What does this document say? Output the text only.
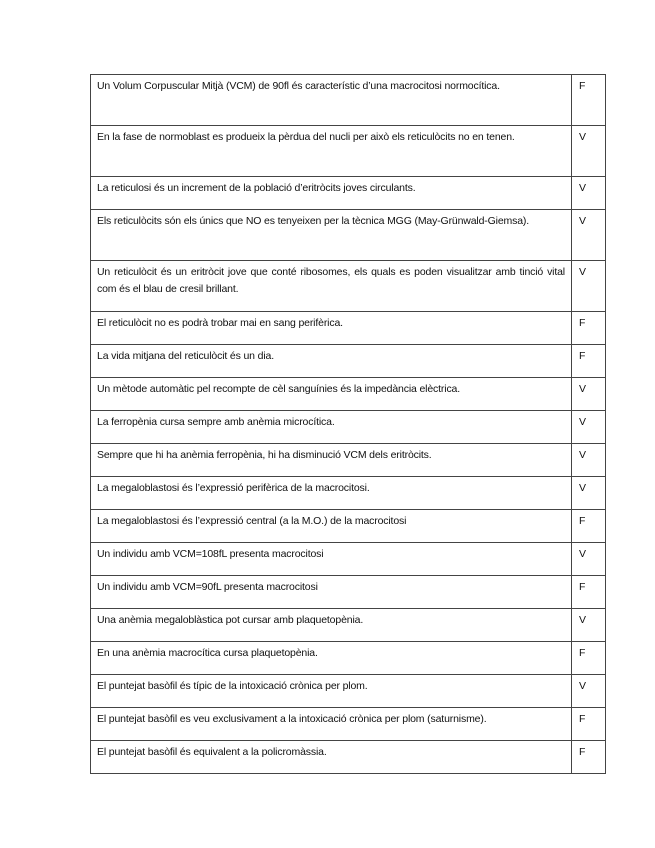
Un Volum Corpuscular Mitjà (VCM) de 90fl és característic d’una macrocitosi normocítica.	F
En la fase de normoblast es produeix la pèrdua del nucli per això els reticulòcits no en tenen.	V
La reticulosi és un increment de la població d’eritròcits joves circulants.	V
Els reticulòcits són els únics que NO es tenyeixen per la tècnica MGG (May-Grünwald-Giemsa).	V
Un reticulòcit és un eritròcit jove que conté ribosomes, els quals es poden visualitzar amb tinció vital com és el blau de cresil brillant.	V
El reticulòcit no es podrà trobar mai en sang perifèrica.	F
La vida mitjana del reticulòcit és un dia.	F
Un mètode automàtic pel recompte de cèl sanguínies és la impedància elèctrica.	V
La ferropènia cursa sempre amb anèmia microcítica.	V
Sempre que hi ha anèmia ferropènia, hi ha disminució VCM dels eritròcits.	V
La megaloblastosi és l’expressió perifèrica de la macrocitosi.	V
La megaloblastosi és l’expressió central (a la M.O.) de la macrocitosi	F
Un individu amb VCM=108fL presenta macrocitosi	V
Un individu amb VCM=90fL presenta macrocitosi	F
Una anèmia megaloblàstica pot cursar amb plaquetopènia.	V
En una anèmia macrocítica cursa plaquetopènia.	F
El puntejat basòfil és típic de la intoxicació crònica per plom.	V
El puntejat basòfil es veu exclusivament a la intoxicació crònica per plom (saturnisme).	F
El puntejat basòfil és equivalent a la policromàssia.	F
